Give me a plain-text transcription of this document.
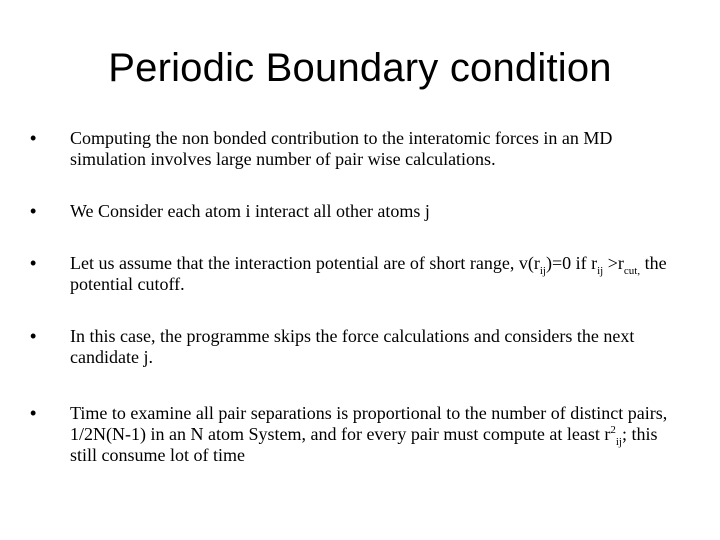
Periodic Boundary condition
• Computing the non bonded contribution to the interatomic forces in an MD simulation involves large number of pair wise calculations.
• We Consider each atom i interact all other atoms j
• Let us assume that the interaction potential are of short range, $v(r_{ij})=0$ if $r_{ij} >r_{cut,}$ the potential cutoff.
• In this case, the programme skips the force calculations and considers the next candidate j.
• Time to examine all pair separations is proportional to the number of distinct pairs, 1/2N(N-1) in an N atom System, and for every pair must compute at least $r^2_{ij}$; this still consume lot of time
